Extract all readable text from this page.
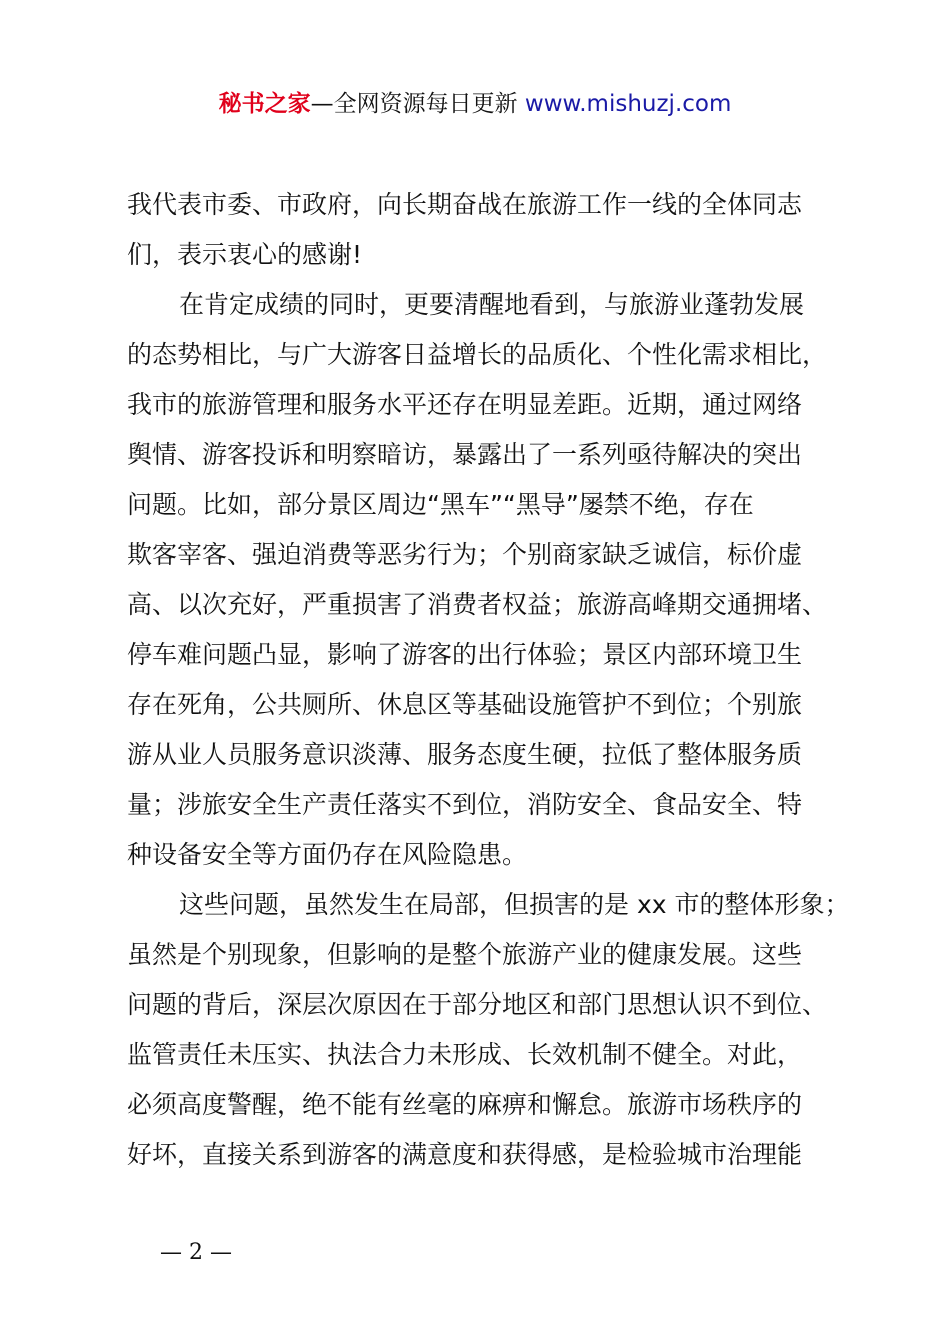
秘书之家—全网资源每日更新 www.mishuzj.com
我代表市委、市政府，向长期奋战在旅游工作一线的全体同志
们，表示衷心的感谢!
在肯定成绩的同时，更要清醒地看到，与旅游业蓬勃发展
的态势相比，与广大游客日益增长的品质化、个性化需求相比，
我市的旅游管理和服务水平还存在明显差距。近期，通过网络
舆情、游客投诉和明察暗访，暴露出了一系列亟待解决的突出
问题。比如，部分景区周边“黑车”“黑导”屡禁不绝，存在
欺客宰客、强迫消费等恶劣行为；个别商家缺乏诚信，标价虚
高、以次充好，严重损害了消费者权益；旅游高峰期交通拥堵、
停车难问题凸显，影响了游客的出行体验；景区内部环境卫生
存在死角，公共厕所、休息区等基础设施管护不到位；个别旅
游从业人员服务意识淡薄、服务态度生硬，拉低了整体服务质
量；涉旅安全生产责任落实不到位，消防安全、食品安全、特
种设备安全等方面仍存在风险隐患。
这些问题，虽然发生在局部，但损害的是 xx 市的整体形象；
虽然是个别现象，但影响的是整个旅游产业的健康发展。这些
问题的背后，深层次原因在于部分地区和部门思想认识不到位、
监管责任未压实、执法合力未形成、长效机制不健全。对此，
必须高度警醒，绝不能有丝毫的麻痹和懈怠。旅游市场秩序的
好坏，直接关系到游客的满意度和获得感，是检验城市治理能
— 2 —
